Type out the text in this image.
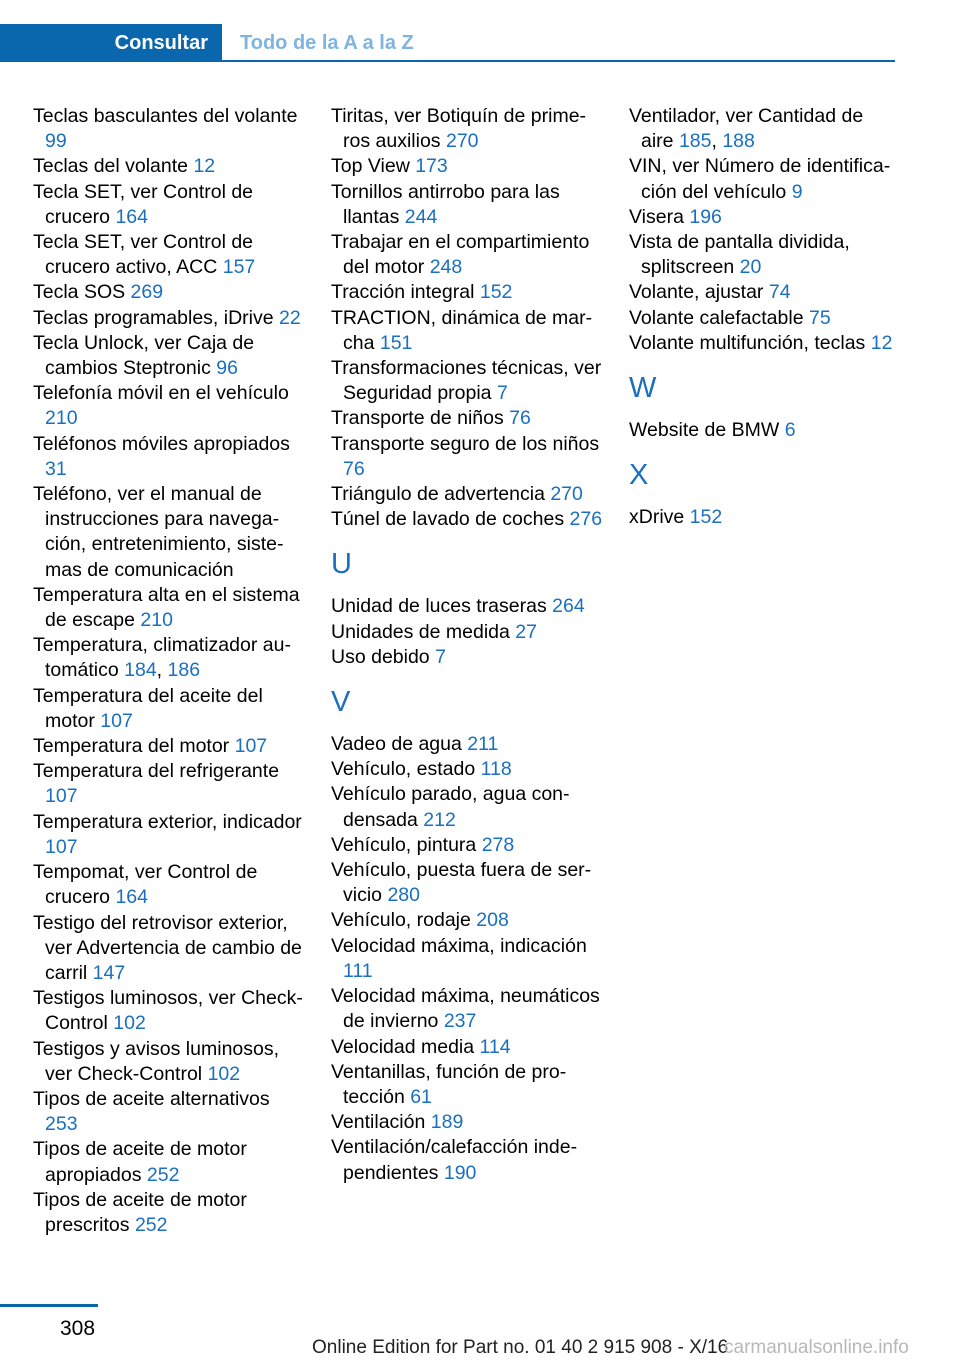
Consultar	Todo de la A a la Z
Teclas basculantes del volante 99
Teclas del volante 12
Tecla SET, ver Control de crucero 164
Tecla SET, ver Control de crucero activo, ACC 157
Tecla SOS 269
Teclas programables, iDrive 22
Tecla Unlock, ver Caja de cambios Steptronic 96
Telefonía móvil en el vehículo 210
Teléfonos móviles apropiados 31
Teléfono, ver el manual de instrucciones para navegación, entretenimiento, sistemas de comunicación
Temperatura alta en el sistema de escape 210
Temperatura, climatizador automático 184, 186
Temperatura del aceite del motor 107
Temperatura del motor 107
Temperatura del refrigerante 107
Temperatura exterior, indicador 107
Tempomat, ver Control de crucero 164
Testigo del retrovisor exterior, ver Advertencia de cambio de carril 147
Testigos luminosos, ver Check-Control 102
Testigos y avisos luminosos, ver Check-Control 102
Tipos de aceite alternativos 253
Tipos de aceite de motor apropiados 252
Tipos de aceite de motor prescritos 252
Tiritas, ver Botiquín de primeros auxilios 270
Top View 173
Tornillos antirrobo para las llantas 244
Trabajar en el compartimiento del motor 248
Tracción integral 152
TRACTION, dinámica de marcha 151
Transformaciones técnicas, ver Seguridad propia 7
Transporte de niños 76
Transporte seguro de los niños 76
Triángulo de advertencia 270
Túnel de lavado de coches 276
U
Unidad de luces traseras 264
Unidades de medida 27
Uso debido 7
V
Vadeo de agua 211
Vehículo, estado 118
Vehículo parado, agua condensada 212
Vehículo, pintura 278
Vehículo, puesta fuera de servicio 280
Vehículo, rodaje 208
Velocidad máxima, indicación 111
Velocidad máxima, neumáticos de invierno 237
Velocidad media 114
Ventanillas, función de protección 61
Ventilación 189
Ventilación/calefacción independientes 190
Ventilador, ver Cantidad de aire 185, 188
VIN, ver Número de identificación del vehículo 9
Visera 196
Vista de pantalla dividida, splitscreen 20
Volante, ajustar 74
Volante calefactable 75
Volante multifunción, teclas 12
W
Website de BMW 6
X
xDrive 152
308
Online Edition for Part no. 01 40 2 915 908 - X/16
carmanualsonline.info
